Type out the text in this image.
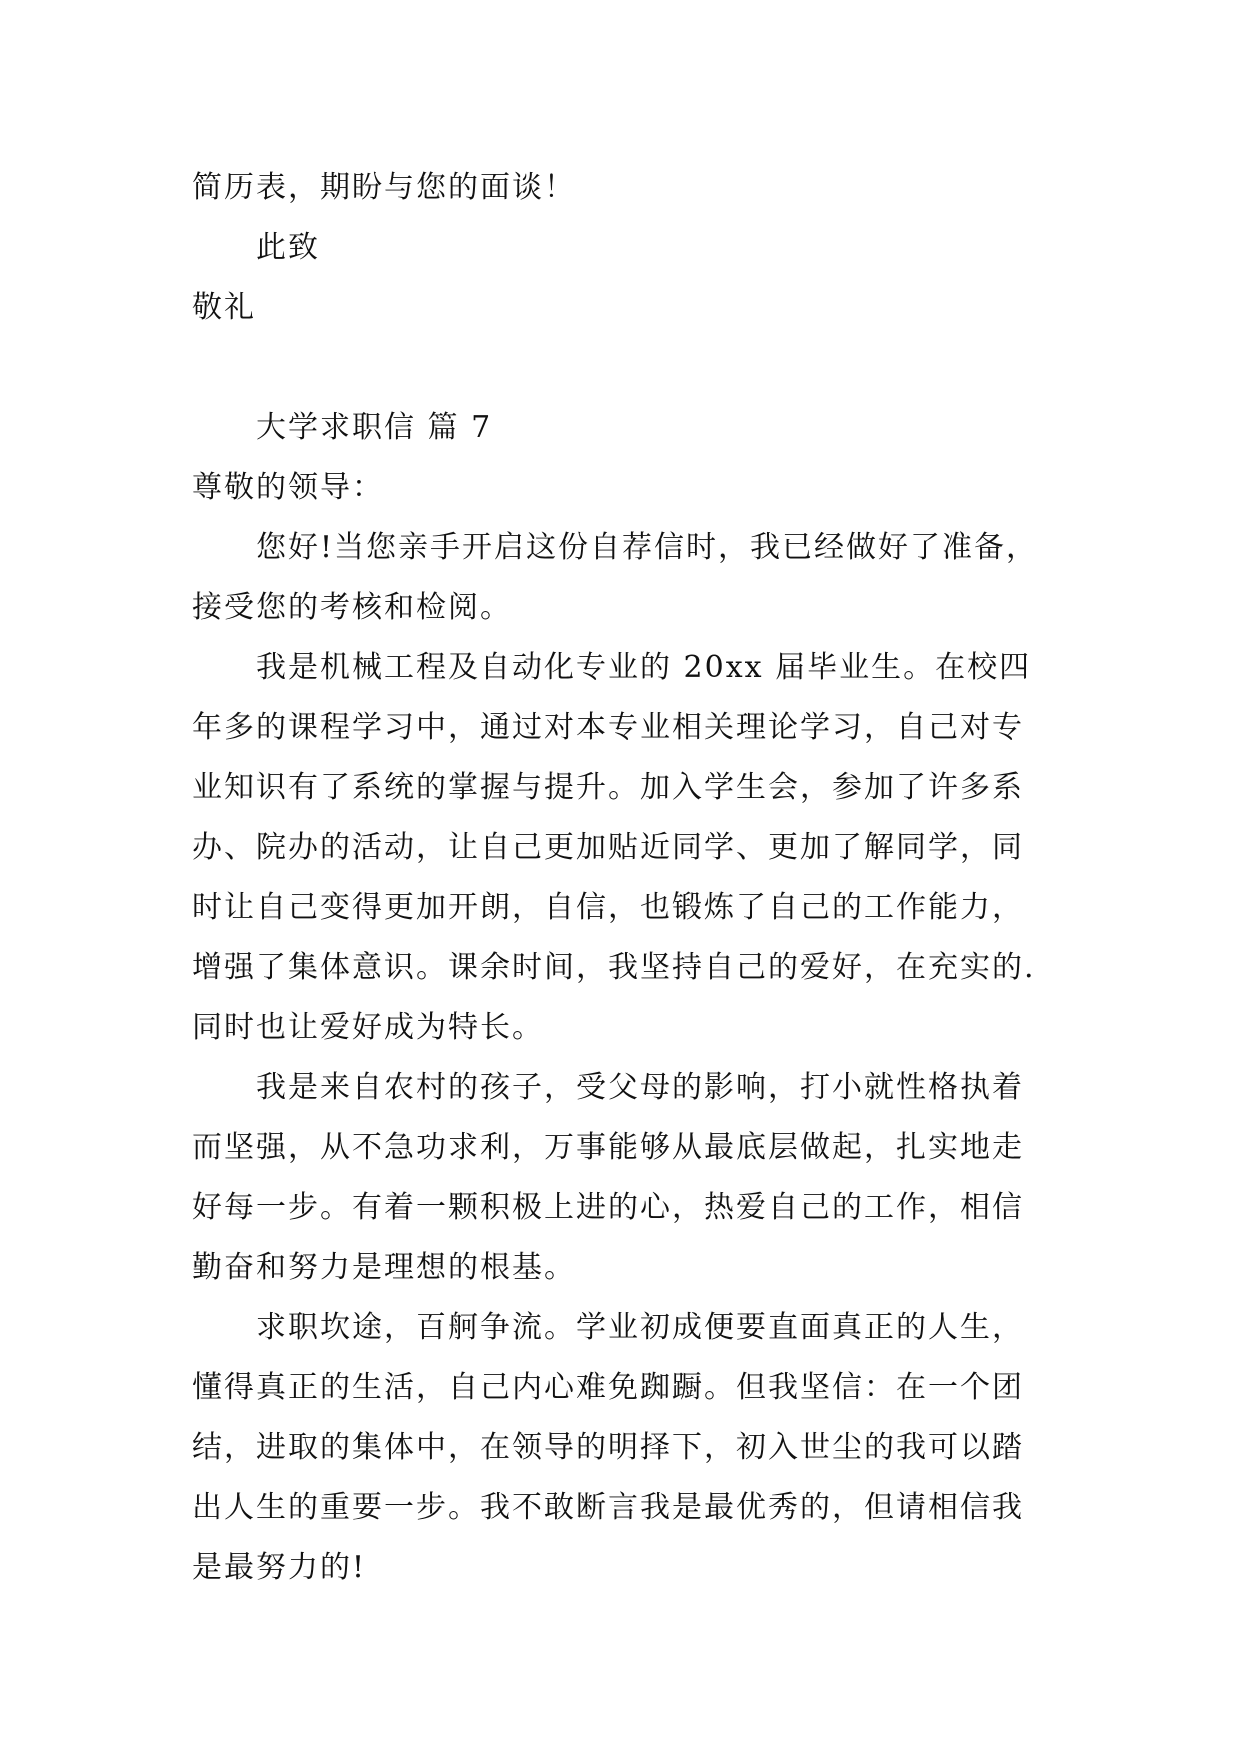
简历表，期盼与您的面谈！

此致

敬礼

大学求职信 篇 7

尊敬的领导：

您好!当您亲手开启这份自荐信时，我已经做好了准备，

接受您的考核和检阅。

我是机械工程及自动化专业的 20xx 届毕业生。在校四

年多的课程学习中，通过对本专业相关理论学习，自己对专

业知识有了系统的掌握与提升。加入学生会，参加了许多系

办、院办的活动，让自己更加贴近同学、更加了解同学，同

时让自己变得更加开朗，自信，也锻炼了自己的工作能力，

增强了集体意识。课余时间，我坚持自己的爱好，在充实的.

同时也让爱好成为特长。

我是来自农村的孩子，受父母的影响，打小就性格执着

而坚强，从不急功求利，万事能够从最底层做起，扎实地走

好每一步。有着一颗积极上进的心，热爱自己的工作，相信

勤奋和努力是理想的根基。

求职坎途，百舸争流。学业初成便要直面真正的人生，

懂得真正的生活，自己内心难免踟蹰。但我坚信：在一个团

结，进取的集体中，在领导的明择下，初入世尘的我可以踏

出人生的重要一步。我不敢断言我是最优秀的，但请相信我

是最努力的!
